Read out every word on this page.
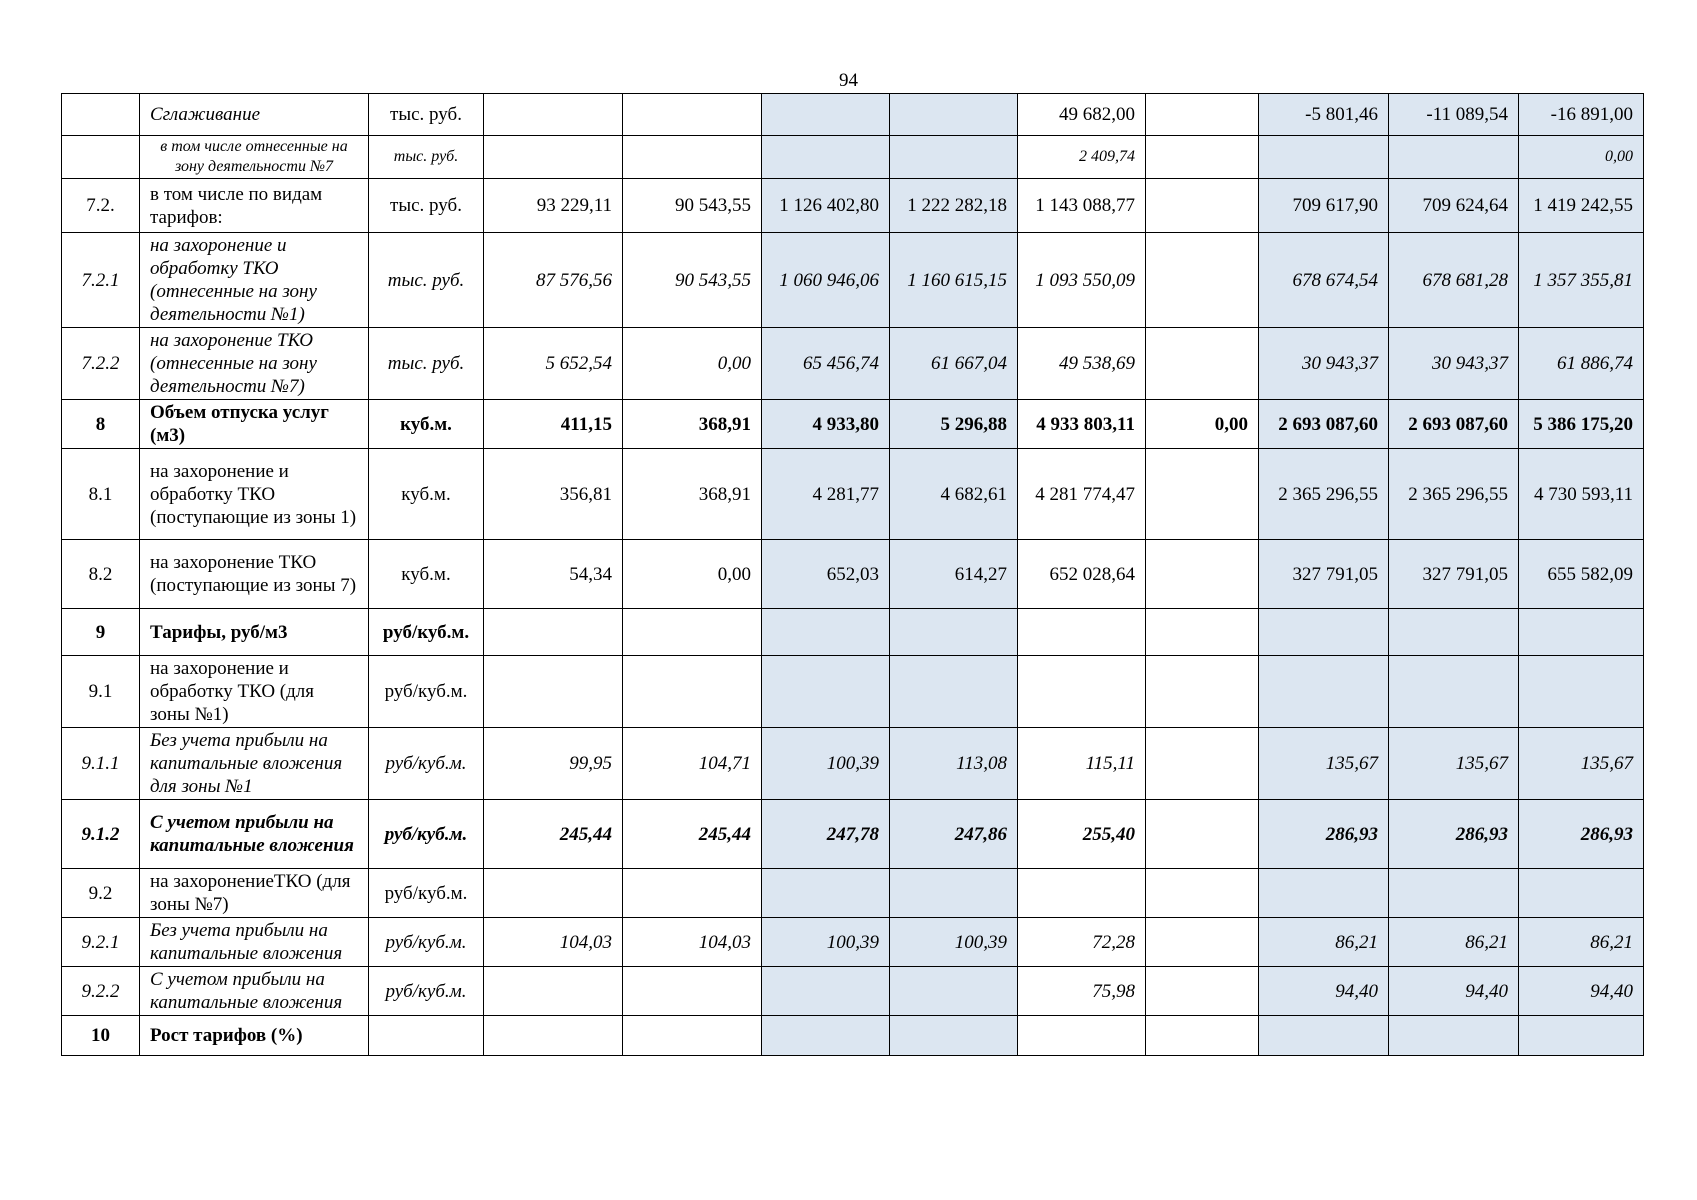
94
	Сглаживание	тыс. руб.					49 682,00		-5 801,46	-11 089,54	-16 891,00
	в том числе отнесенные на зону деятельности №7	тыс. руб.					2 409,74				0,00
7.2.	в том числе по видам тарифов:	тыс. руб.	93 229,11	90 543,55	1 126 402,80	1 222 282,18	1 143 088,77		709 617,90	709 624,64	1 419 242,55
7.2.1	на захоронение и обработку ТКО (отнесенные на зону деятельности №1)	тыс. руб.	87 576,56	90 543,55	1 060 946,06	1 160 615,15	1 093 550,09		678 674,54	678 681,28	1 357 355,81
7.2.2	на захоронение ТКО (отнесенные на зону деятельности №7)	тыс. руб.	5 652,54	0,00	65 456,74	61 667,04	49 538,69		30 943,37	30 943,37	61 886,74
8	Объем отпуска услуг (м3)	куб.м.	411,15	368,91	4 933,80	5 296,88	4 933 803,11	0,00	2 693 087,60	2 693 087,60	5 386 175,20
8.1	на захоронение и обработку ТКО (поступающие из зоны 1)	куб.м.	356,81	368,91	4 281,77	4 682,61	4 281 774,47		2 365 296,55	2 365 296,55	4 730 593,11
8.2	на захоронение ТКО (поступающие из зоны 7)	куб.м.	54,34	0,00	652,03	614,27	652 028,64		327 791,05	327 791,05	655 582,09
9	Тарифы, руб/м3	руб/куб.м.									
9.1	на захоронение и обработку ТКО (для зоны №1)	руб/куб.м.									
9.1.1	Без учета прибыли на капитальные вложения для зоны №1	руб/куб.м.	99,95	104,71	100,39	113,08	115,11		135,67	135,67	135,67
9.1.2	С учетом прибыли на капитальные вложения	руб/куб.м.	245,44	245,44	247,78	247,86	255,40		286,93	286,93	286,93
9.2	на захоронениеТКО (для зоны №7)	руб/куб.м.									
9.2.1	Без учета прибыли на капитальные вложения	руб/куб.м.	104,03	104,03	100,39	100,39	72,28		86,21	86,21	86,21
9.2.2	С учетом прибыли на капитальные вложения	руб/куб.м.					75,98		94,40	94,40	94,40
10	Рост тарифов (%)										
